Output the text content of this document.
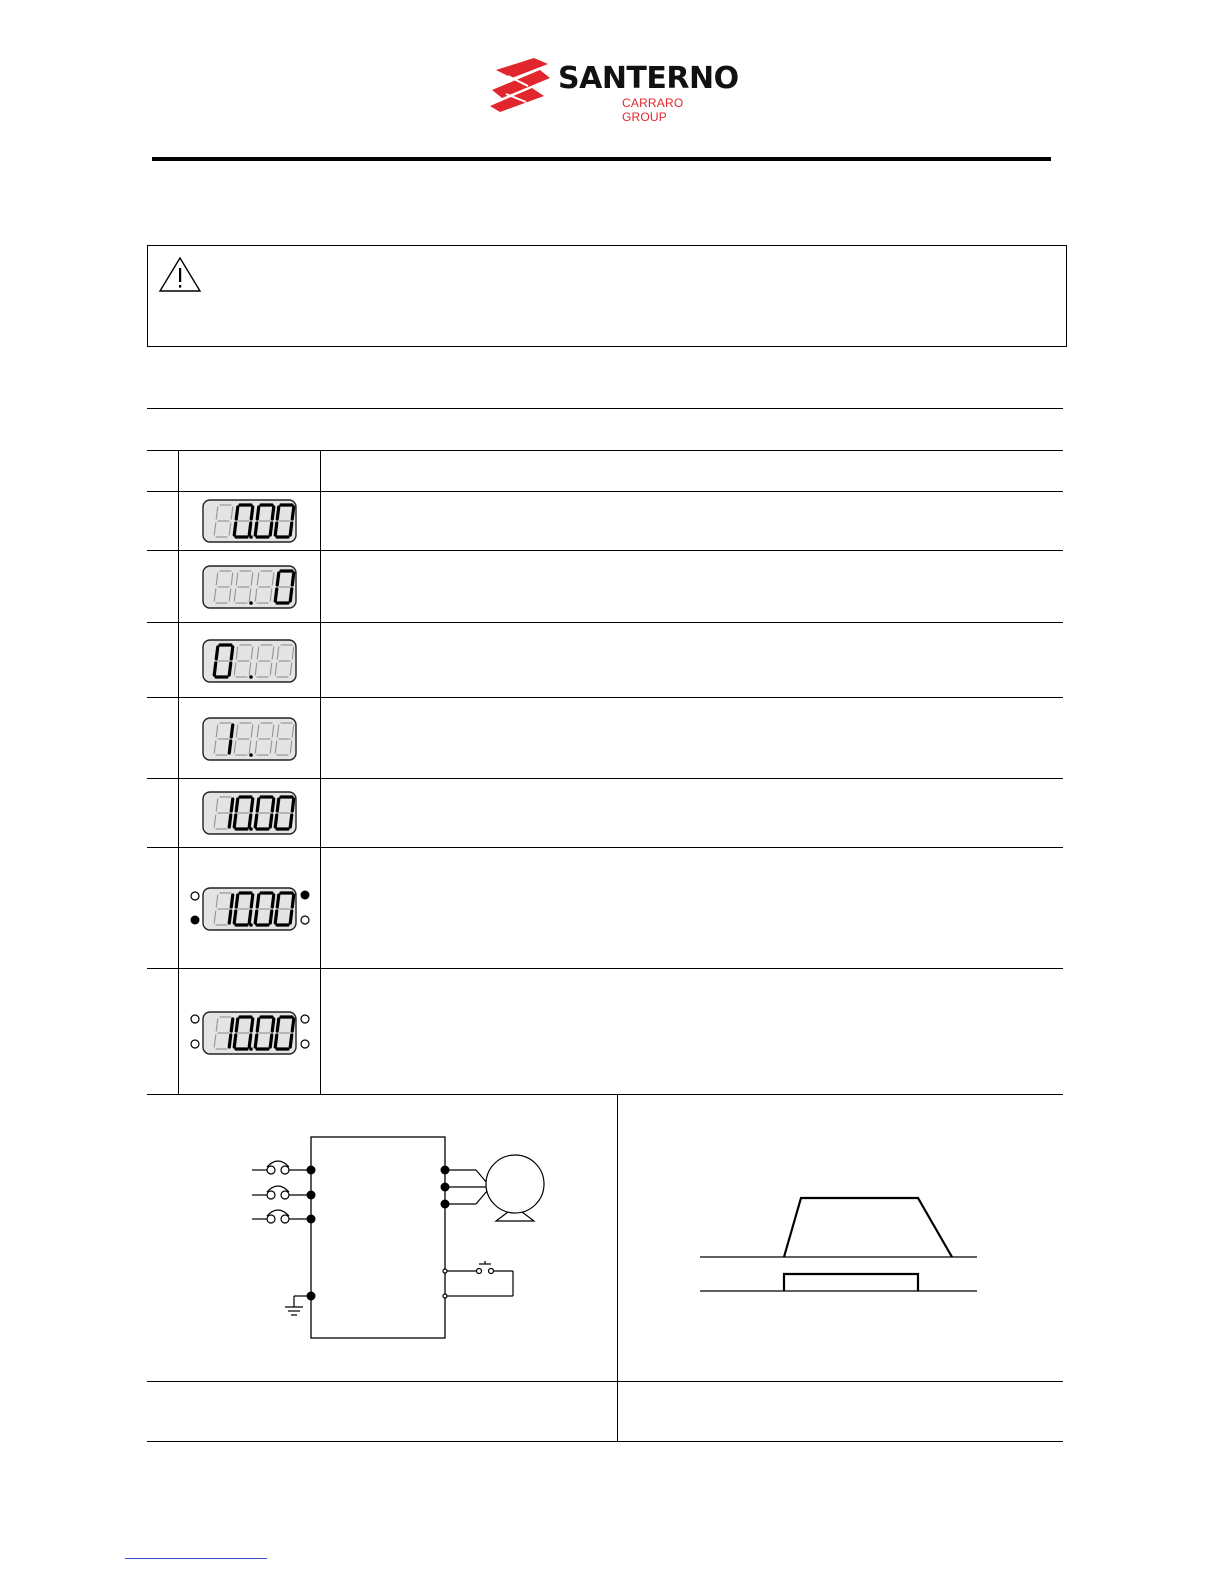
SANTERNO
CARRARO GROUP
